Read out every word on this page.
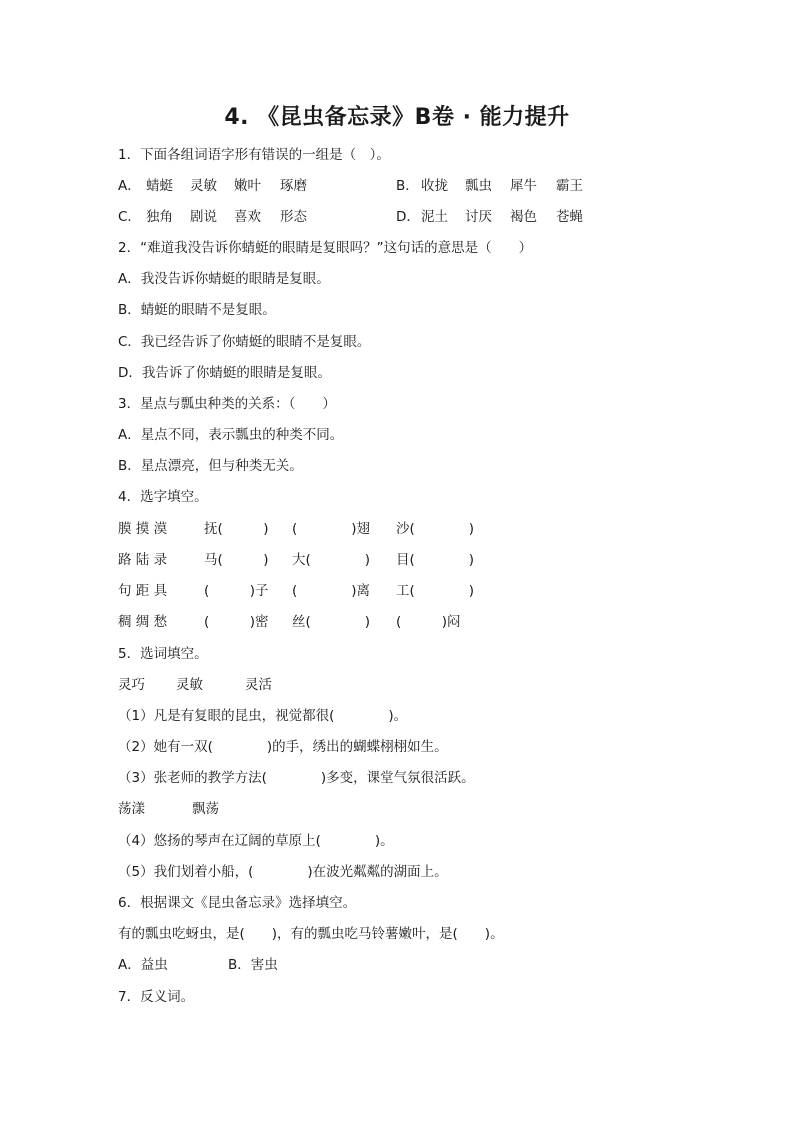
4. 《昆虫备忘录》B卷 · 能力提升
1．下面各组词语字形有错误的一组是（　）。
A． 蜻蜓 灵敏 嫩叶 琢磨	B． 收拢 瓢虫 犀牛 霸王
C． 独角 剧说 喜欢 形态	D． 泥土 讨厌 褐色 苍蝇
2．“难道我没告诉你蜻蜓的眼睛是复眼吗？”这句话的意思是（　　）
A．我没告诉你蜻蜓的眼睛是复眼。
B．蜻蜓的眼睛不是复眼。
C．我已经告诉了你蜻蜓的眼睛不是复眼。
D．我告诉了你蜻蜓的眼睛是复眼。
3．星点与瓢虫种类的关系：（　　）
A．星点不同，表示瓢虫的种类不同。
B．星点漂亮，但与种类无关。
4．选字填空。
膜 摸 漠	抚(　　　) (　　　　)翅 沙(　　　　)
路 陆 录	马(　　　) 大(　　　　) 目(　　　　)
句 距 具	(　　　)子 (　　　　)离 工(　　　　)
稠 绸 愁	(　　　)密 丝(　　　　) (　　　)闷
5．选词填空。
灵巧 灵敏	灵活
（1）凡是有复眼的昆虫，视觉都很(　　　　)。
（2）她有一双(　　　　)的手，绣出的蝴蝶栩栩如生。
（3）张老师的教学方法(　　　　)多变，课堂气氛很活跃。
荡漾	飘荡
（4）悠扬的琴声在辽阔的草原上(　　　　)。
（5）我们划着小船，(　　　　)在波光粼粼的湖面上。
6．根据课文《昆虫备忘录》选择填空。
有的瓢虫吃蚜虫，是(　　)，有的瓢虫吃马铃薯嫩叶，是(　　)。
A．益虫	B．害虫
7．反义词。
